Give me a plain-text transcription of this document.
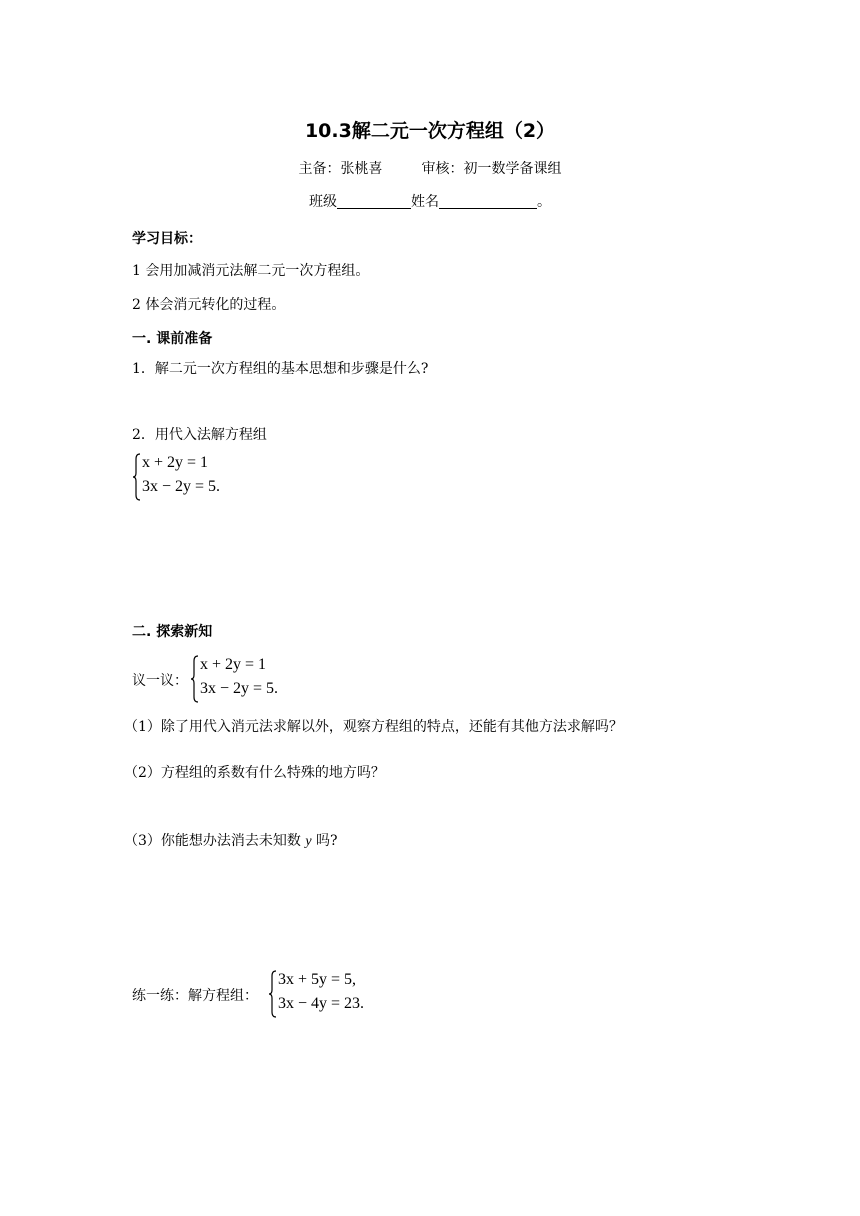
10.3解二元一次方程组（2）
主备：张桃喜	审核：初一数学备课组
班级	姓名	。
学习目标：
1 会用加减消元法解二元一次方程组。
2 体会消元转化的过程。
一. 课前准备
1．解二元一次方程组的基本思想和步骤是什么?
2．用代入法解方程组
x + 2y = 1
3x − 2y = 5.
二. 探索新知
议一议：
x + 2y = 1
3x − 2y = 5.
（1）除了用代入消元法求解以外，观察方程组的特点，还能有其他方法求解吗？
（2）方程组的系数有什么特殊的地方吗？
（3）你能想办法消去未知数 y 吗?
练一练：解方程组：
3x + 5y = 5,
3x − 4y = 23.
